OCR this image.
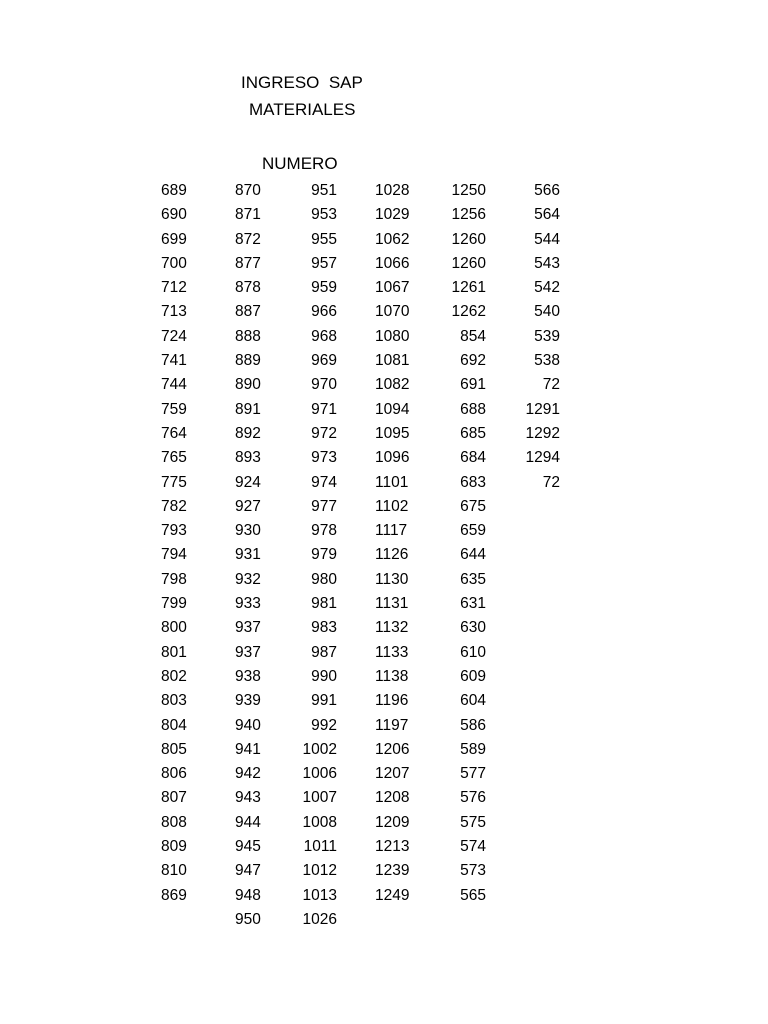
INGRESO  SAP
MATERIALES
NUMERO
689
690
699
700
712
713
724
741
744
759
764
765
775
782
793
794
798
799
800
801
802
803
804
805
806
807
808
809
810
869
870
871
872
877
878
887
888
889
890
891
892
893
924
927
930
931
932
933
937
937
938
939
940
941
942
943
944
945
947
948
950
951
953
955
957
959
966
968
969
970
971
972
973
974
977
978
979
980
981
983
987
990
991
992
1002
1006
1007
1008
1011
1012
1013
1026
1028
1029
1062
1066
1067
1070
1080
1081
1082
1094
1095
1096
1101
1102
1117
1126
1130
1131
1132
1133
1138
1196
1197
1206
1207
1208
1209
1213
1239
1249
1250
1256
1260
1260
1261
1262
854
692
691
688
685
684
683
675
659
644
635
631
630
610
609
604
586
589
577
576
575
574
573
565
566
564
544
543
542
540
539
538
72
1291
1292
1294
72
